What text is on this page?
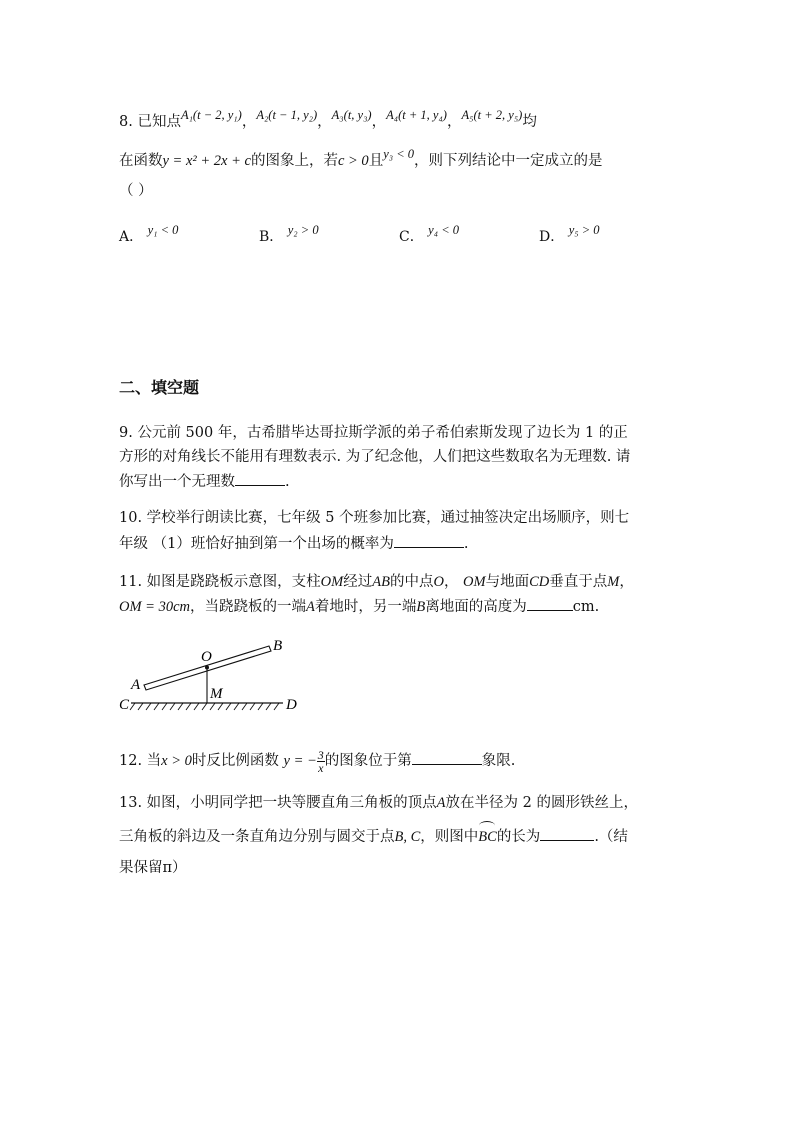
8. 已知点A₁(t − 2, y₁)，A₂(t − 1, y₂)，A₃(t, y₃)，A₄(t + 1, y₄)，A₅(t + 2, y₅)均
在函数y = x² + 2x + c的图象上，若c > 0且y₃ < 0，则下列结论中一定成立的是
（ ）
A． y₁ < 0	B． y₂ > 0	C． y₄ < 0	D． y₅ > 0
二、填空题
9. 公元前 500 年，古希腊毕达哥拉斯学派的弟子希伯索斯发现了边长为 1 的正
方形的对角线长不能用有理数表示. 为了纪念他，人们把这些数取名为无理数. 请
你写出一个无理数	.
10. 学校举行朗读比赛，七年级 5 个班参加比赛，通过抽签决定出场顺序，则七
年级 （1）班恰好抽到第一个出场的概率为	.
11. 如图是跷跷板示意图，支柱OM经过AB的中点O， OM与地面CD垂直于点M，
OM = 30cm，当跷跷板的一端A着地时，另一端B离地面的高度为	cm.
O
B
A
M
C	D
12. 当x > 0时反比例函数 y = − $\frac{3}{x}$ 的图象位于第	象限.
13. 如图，小明同学把一块等腰直角三角板的顶点A放在半径为 2 的圆形铁丝上，
三角板的斜边及一条直角边分别与圆交于点B, C，则图中
BC的长为	.（结
果保留π）
